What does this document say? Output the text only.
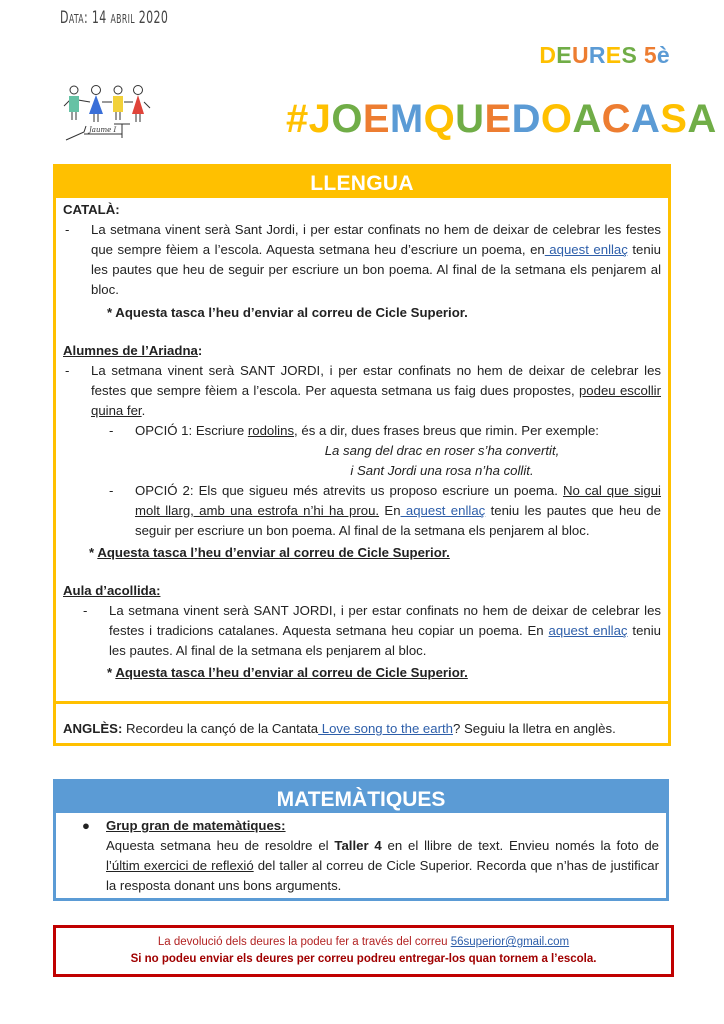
Data: 14 abril 2020
DEURES 5è
Jaume I	#JOEMQUEDOACASA
LLENGUA
CATALÀ:
-	La setmana vinent serà Sant Jordi, i per estar confinats no hem de deixar de celebrar les festes que sempre fèiem a l’escola. Aquesta setmana heu d’escriure un poema, en aquest enllaç teniu les pautes que heu de seguir per escriure un bon poema. Al final de la setmana els penjarem al bloc.
* Aquesta tasca l’heu d’enviar al correu de Cicle Superior.
Alumnes de l’Ariadna:
-	La setmana vinent serà SANT JORDI, i per estar confinats no hem de deixar de celebrar les festes que sempre fèiem a l’escola. Per aquesta setmana us faig dues propostes, podeu escollir quina fer.
-	OPCIÓ 1: Escriure rodolins, és a dir, dues frases breus que rimin. Per exemple:
La sang del drac en roser s’ha convertit,
i Sant Jordi una rosa n’ha collit.
-	OPCIÓ 2: Els que sigueu més atrevits us proposo escriure un poema. No cal que sigui molt llarg, amb una estrofa n’hi ha prou. En aquest enllaç teniu les pautes que heu de seguir per escriure un bon poema. Al final de la setmana els penjarem al bloc.
* Aquesta tasca l’heu d’enviar al correu de Cicle Superior.
Aula d’acollida:
-	La setmana vinent serà SANT JORDI, i per estar confinats no hem de deixar de celebrar les festes i tradicions catalanes. Aquesta setmana heu copiar un poema. En aquest enllaç teniu les pautes. Al final de la setmana els penjarem al bloc.
* Aquesta tasca l’heu d’enviar al correu de Cicle Superior.
ANGLÈS: Recordeu la cançó de la Cantata Love song to the earth? Seguiu la lletra en anglès.
MATEMÀTIQUES
● Grup gran de matemàtiques:
Aquesta setmana heu de resoldre el Taller 4 en el llibre de text. Envieu només la foto de l’últim exercici de reflexió del taller al correu de Cicle Superior. Recorda que n’has de justificar la resposta donant uns bons arguments.
La devolució dels deures la podeu fer a través del correu 56superior@gmail.com
Si no podeu enviar els deures per correu podreu entregar-los quan tornem a l’escola.
